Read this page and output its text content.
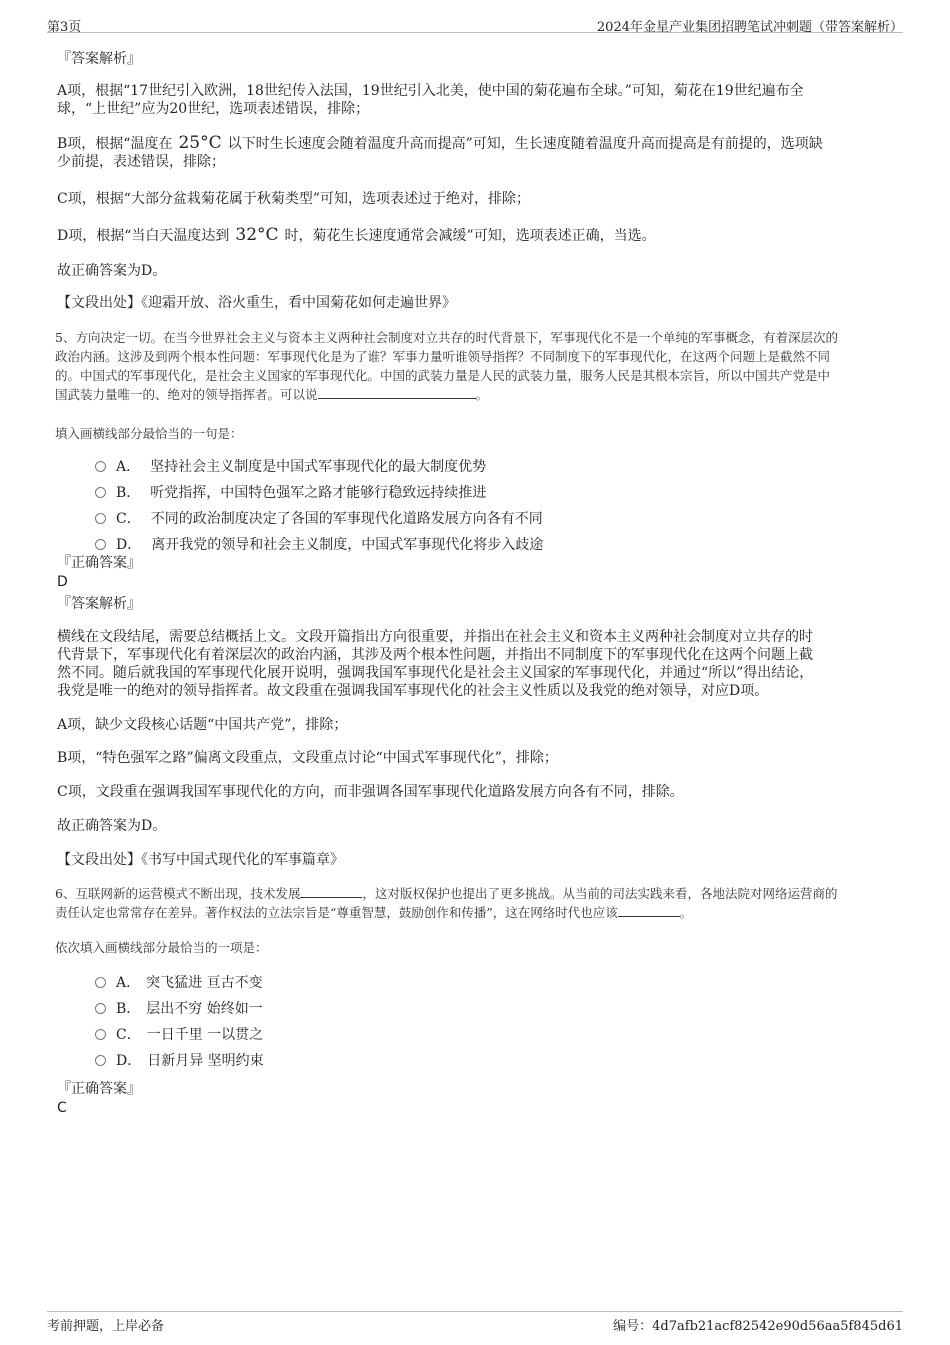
第3页	2024年金星产业集团招聘笔试冲刺题（带答案解析）
『答案解析』
A项，根据“17世纪引入欧洲，18世纪传入法国，19世纪引入北美，使中国的菊花遍布全球。”可知，菊花在19世纪遍布全
球，“上世纪”应为20世纪，选项表述错误，排除；
B项，根据“温度在 25°C 以下时生长速度会随着温度升高而提高”可知，生长速度随着温度升高而提高是有前提的，选项缺
少前提，表述错误，排除；
C项，根据“大部分盆栽菊花属于秋菊类型”可知，选项表述过于绝对，排除；
D项，根据“当白天温度达到 32°C 时，菊花生长速度通常会减缓”可知，选项表述正确，当选。
故正确答案为D。
【文段出处】《迎霜开放、浴火重生，看中国菊花如何走遍世界》
5、方向决定一切。在当今世界社会主义与资本主义两种社会制度对立共存的时代背景下，军事现代化不是一个单纯的军事概念，有着深层次的
政治内涵。这涉及到两个根本性问题：军事现代化是为了谁？军事力量听谁领导指挥？不同制度下的军事现代化，在这两个问题上是截然不同
的。中国式的军事现代化，是社会主义国家的军事现代化。中国的武装力量是人民的武装力量，服务人民是其根本宗旨，所以中国共产党是中
国武装力量唯一的、绝对的领导指挥者。可以说	。
填入画横线部分最恰当的一句是：
A． 坚持社会主义制度是中国式军事现代化的最大制度优势
B． 听党指挥，中国特色强军之路才能够行稳致远持续推进
C． 不同的政治制度决定了各国的军事现代化道路发展方向各有不同
D． 离开我党的领导和社会主义制度，中国式军事现代化将步入歧途
『正确答案』
D
『答案解析』
横线在文段结尾，需要总结概括上文。文段开篇指出方向很重要，并指出在社会主义和资本主义两种社会制度对立共存的时
代背景下，军事现代化有着深层次的政治内涵，其涉及两个根本性问题，并指出不同制度下的军事现代化在这两个问题上截
然不同。随后就我国的军事现代化展开说明，强调我国军事现代化是社会主义国家的军事现代化，并通过“所以”得出结论，
我党是唯一的绝对的领导指挥者。故文段重在强调我国军事现代化的社会主义性质以及我党的绝对领导，对应D项。
A项，缺少文段核心话题“中国共产党”，排除；
B项，“特色强军之路”偏离文段重点，文段重点讨论“中国式军事现代化”，排除；
C项，文段重在强调我国军事现代化的方向，而非强调各国军事现代化道路发展方向各有不同，排除。
故正确答案为D。
【文段出处】《书写中国式现代化的军事篇章》
6、互联网新的运营模式不断出现，技术发展	，这对版权保护也提出了更多挑战。从当前的司法实践来看，各地法院对网络运营商的
责任认定也常常存在差异。著作权法的立法宗旨是“尊重智慧，鼓励创作和传播”，这在网络时代也应该	。
依次填入画横线部分最恰当的一项是：
A． 突飞猛进 亘古不变
B． 层出不穷 始终如一
C． 一日千里 一以贯之
D． 日新月异 坚明约束
『正确答案』
C
考前押题，上岸必备	编号：4d7afb21acf82542e90d56aa5f845d61
